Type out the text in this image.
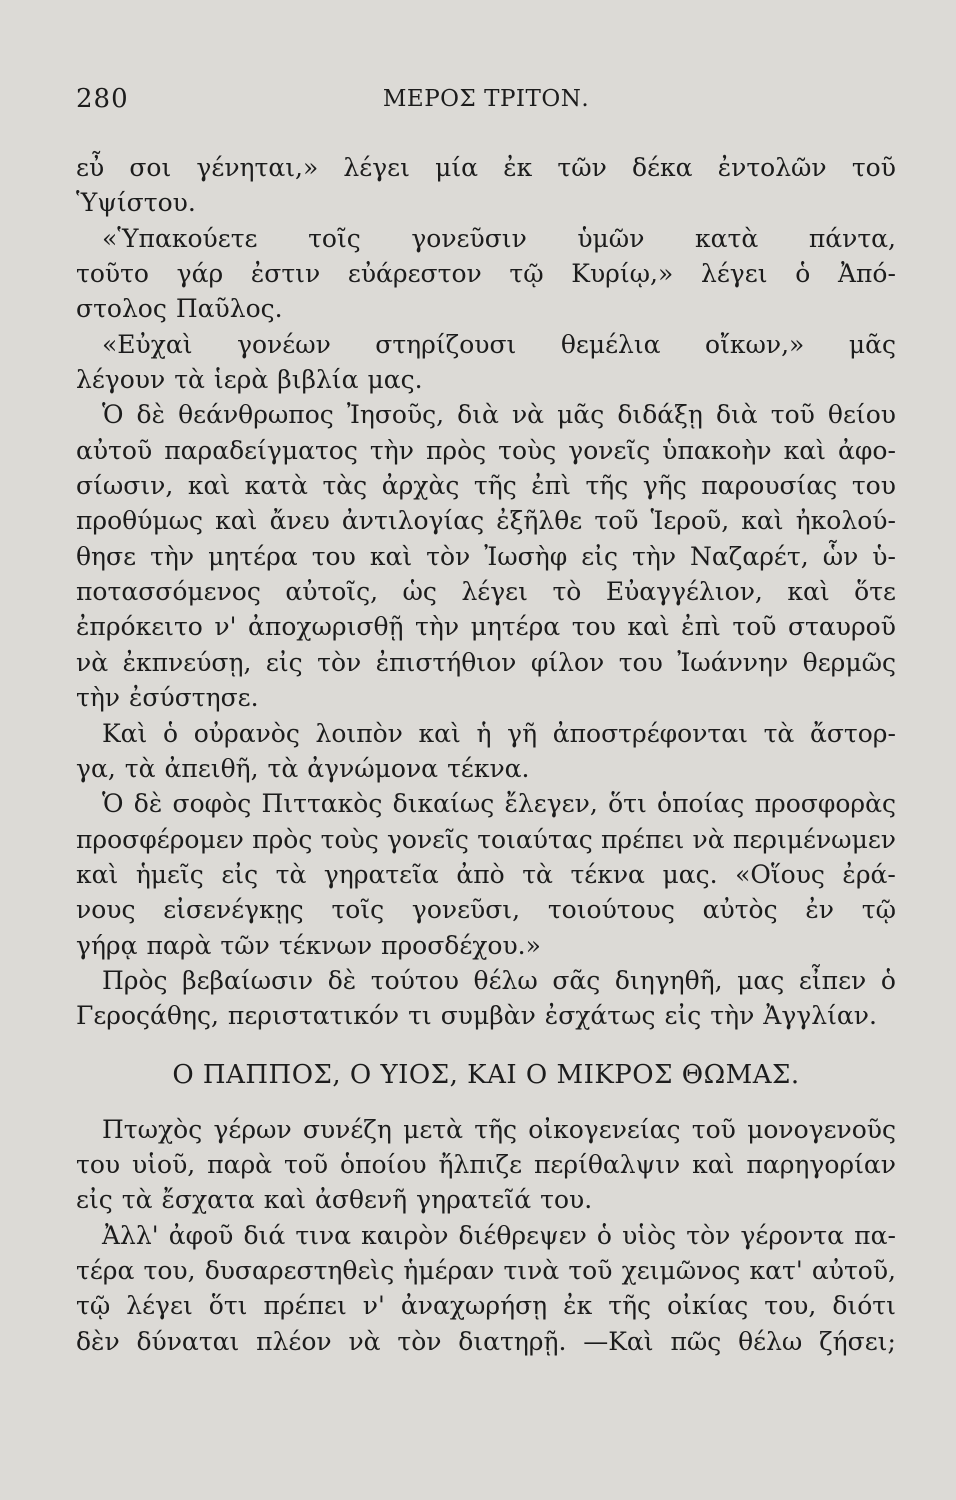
280	ΜΕΡΟΣ ΤΡΙΤΟΝ.
εὖ σοι γένηται,» λέγει μία ἐκ τῶν δέκα ἐντολῶν τοῦ
Ὑψίστου.
«Ὑπακούετε τοῖς γονεῦσιν ὑμῶν κατὰ πάντα,
τοῦτο γάρ ἐστιν εὐάρεστον τῷ Κυρίῳ,» λέγει ὁ Ἀπό-
στολος Παῦλος.
«Εὐχαὶ γονέων στηρίζουσι θεμέλια οἴκων,» μᾶς
λέγουν τὰ ἱερὰ βιβλία μας.
Ὁ δὲ θεάνθρωπος Ἰησοῦς, διὰ νὰ μᾶς διδάξῃ διὰ τοῦ θείου
αὐτοῦ παραδείγματος τὴν πρὸς τοὺς γονεῖς ὑπακοὴν καὶ ἀφο-
σίωσιν, καὶ κατὰ τὰς ἀρχὰς τῆς ἐπὶ τῆς γῆς παρουσίας του
προθύμως καὶ ἄνευ ἀντιλογίας ἐξῆλθε τοῦ Ἱεροῦ, καὶ ἠκολού-
θησε τὴν μητέρα του καὶ τὸν Ἰωσὴφ εἰς τὴν Ναζαρέτ, ὧν ὑ-
ποτασσόμενος αὐτοῖς, ὡς λέγει τὸ Εὐαγγέλιον, καὶ ὅτε
ἐπρόκειτο ν' ἀποχωρισθῇ τὴν μητέρα του καὶ ἐπὶ τοῦ σταυροῦ
νὰ ἐκπνεύσῃ, εἰς τὸν ἐπιστήθιον φίλον του Ἰωάννην θερμῶς
τὴν ἐσύστησε.
Καὶ ὁ οὐρανὸς λοιπὸν καὶ ἡ γῆ ἀποστρέφονται τὰ ἄστορ-
γα, τὰ ἀπειθῆ, τὰ ἀγνώμονα τέκνα.
Ὁ δὲ σοφὸς Πιττακὸς δικαίως ἔλεγεν, ὅτι ὁποίας προσφορὰς
προσφέρομεν πρὸς τοὺς γονεῖς τοιαύτας πρέπει νὰ περιμένωμεν
καὶ ἡμεῖς εἰς τὰ γηρατεῖα ἀπὸ τὰ τέκνα μας. «Οἵους ἐρά-
νους εἰσενέγκῃς τοῖς γονεῦσι, τοιούτους αὐτὸς ἐν τῷ
γήρᾳ παρὰ τῶν τέκνων προσδέχου.»
Πρὸς βεβαίωσιν δὲ τούτου θέλω σᾶς διηγηθῆ, μας εἶπεν ὁ
Γεροςάθης, περιστατικόν τι συμβὰν ἐσχάτως εἰς τὴν Ἀγγλίαν.
Ο ΠΑΠΠΟΣ, Ο ΥΙΟΣ, ΚΑΙ Ο ΜΙΚΡΟΣ ΘΩΜΑΣ.
Πτωχὸς γέρων συνέζη μετὰ τῆς οἰκογενείας τοῦ μονογενοῦς
του υἱοῦ, παρὰ τοῦ ὁποίου ἤλπιζε περίθαλψιν καὶ παρηγορίαν
εἰς τὰ ἔσχατα καὶ ἀσθενῆ γηρατεῖά του.
Ἀλλ' ἀφοῦ διά τινα καιρὸν διέθρεψεν ὁ υἱὸς τὸν γέροντα πα-
τέρα του, δυσαρεστηθεὶς ἡμέραν τινὰ τοῦ χειμῶνος κατ' αὐτοῦ,
τῷ λέγει ὅτι πρέπει ν' ἀναχωρήσῃ ἐκ τῆς οἰκίας του, διότι
δὲν δύναται πλέον νὰ τὸν διατηρῇ. —Καὶ πῶς θέλω ζήσει;
